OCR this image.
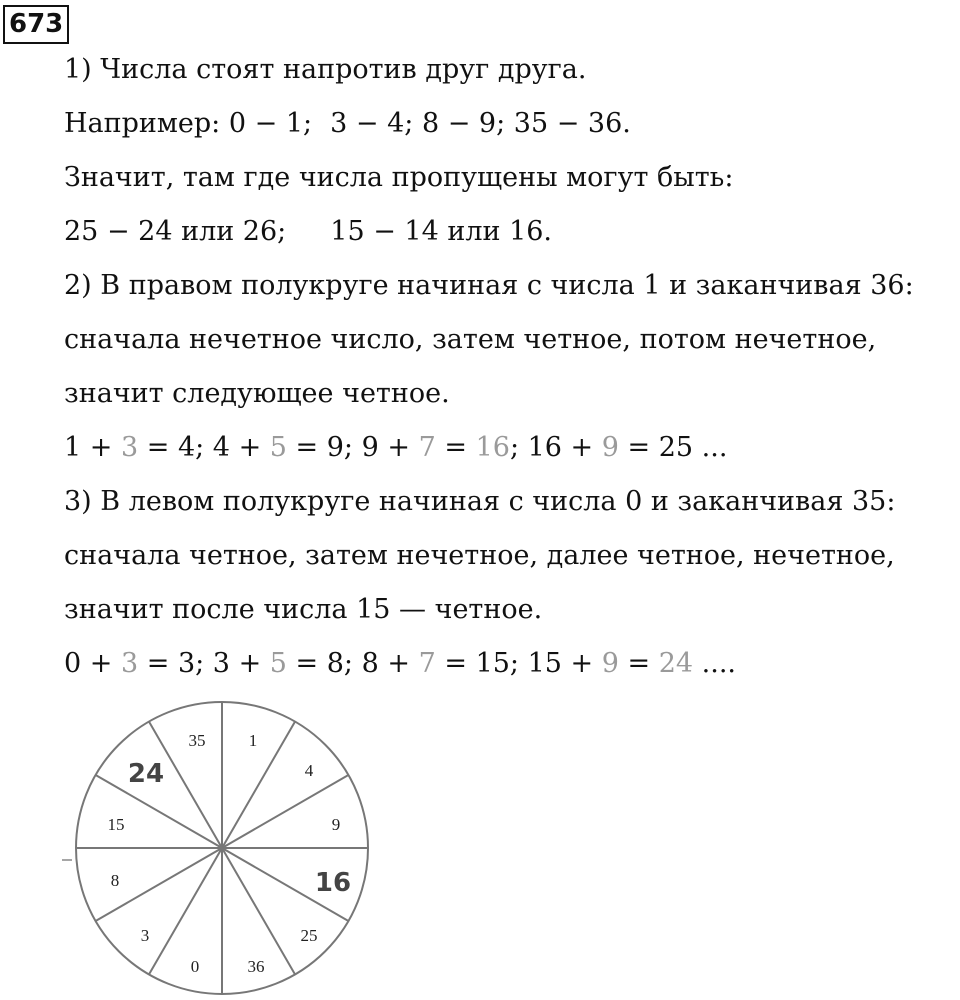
673
1) Числа стоят напротив друг друга.
Например: 0 − 1; 3 − 4; 8 − 9; 35 − 36.
Значит, там где числа пропущены могут быть:
25 − 24 или 26; 15 − 14 или 16.
2) В правом полукруге начиная с числа 1 и заканчивая 36:
сначала нечетное число, затем четное, потом нечетное,
значит следующее четное.
1 + 3 = 4; 4 + 5 = 9; 9 + 7 = 16; 16 + 9 = 25 ...
3) В левом полукруге начиная с числа 0 и заканчивая 35:
сначала четное, затем нечетное, далее четное, нечетное,
значит после числа 15 — четное.
0 + 3 = 3; 3 + 5 = 8; 8 + 7 = 15; 15 + 9 = 24 ....
35	1
24	4
15	9
8	16
3	25
0	36
